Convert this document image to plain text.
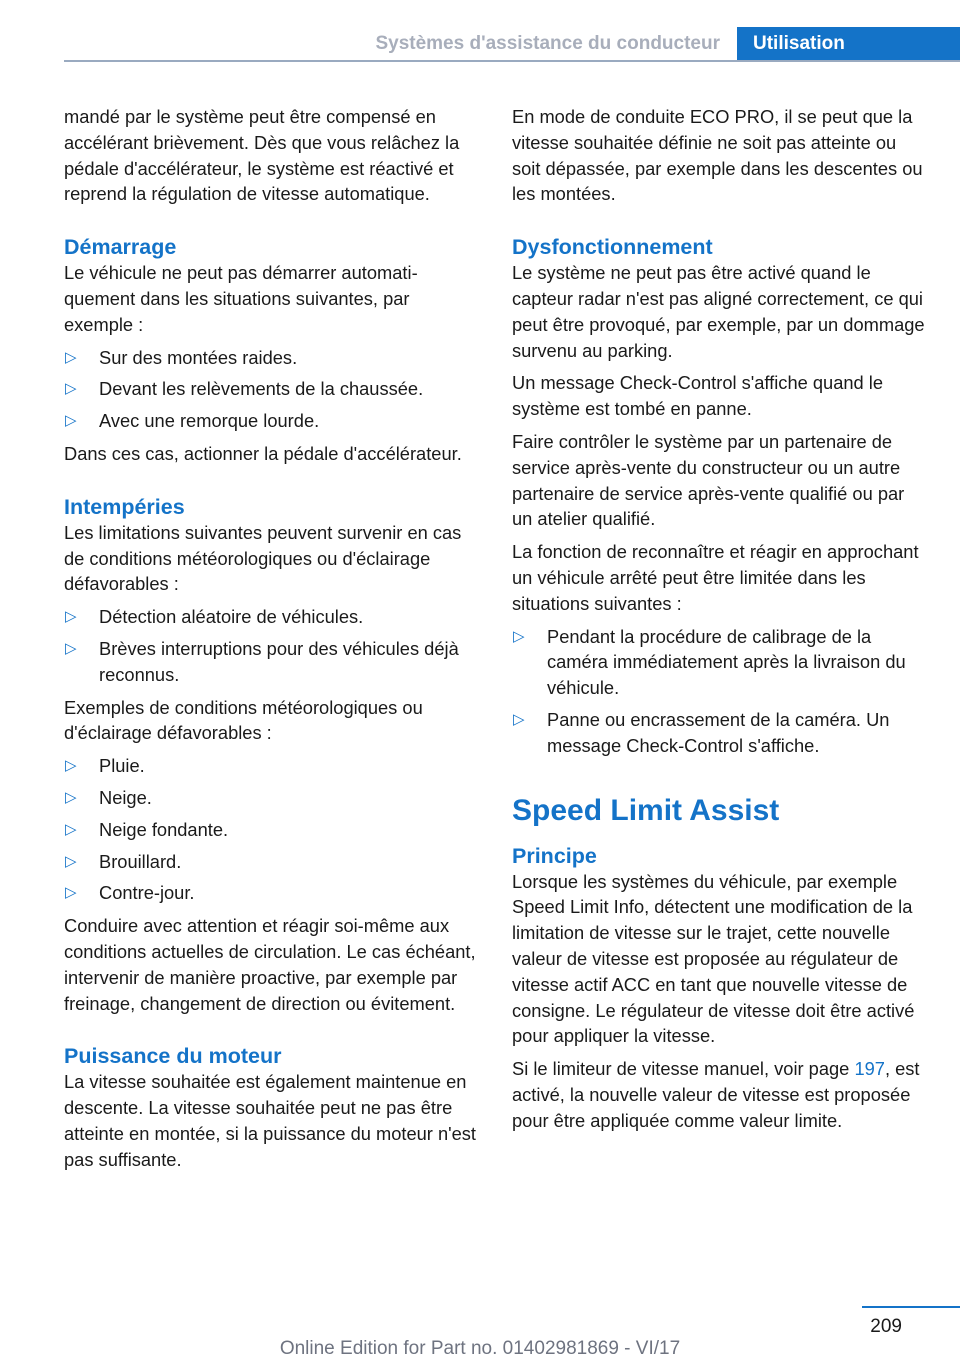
Systèmes d'assistance du conducteur	Utilisation

mandé par le système peut être compensé en accélérant brièvement. Dès que vous relâchez la pédale d'accélérateur, le système est réactivé et reprend la régulation de vitesse automatique.

Démarrage

Le véhicule ne peut pas démarrer automatiquement dans les situations suivantes, par exemple :

▷ Sur des montées raides.
▷ Devant les relèvements de la chaussée.
▷ Avec une remorque lourde.

Dans ces cas, actionner la pédale d'accélérateur.

Intempéries

Les limitations suivantes peuvent survenir en cas de conditions météorologiques ou d'éclairage défavorables :

▷ Détection aléatoire de véhicules.
▷ Brèves interruptions pour des véhicules déjà reconnus.

Exemples de conditions météorologiques ou d'éclairage défavorables :

▷ Pluie.
▷ Neige.
▷ Neige fondante.
▷ Brouillard.
▷ Contre-jour.

Conduire avec attention et réagir soi-même aux conditions actuelles de circulation. Le cas échéant, intervenir de manière proactive, par exemple par freinage, changement de direction ou évitement.

Puissance du moteur

La vitesse souhaitée est également maintenue en descente. La vitesse souhaitée peut ne pas être atteinte en montée, si la puissance du moteur n'est pas suffisante.

En mode de conduite ECO PRO, il se peut que la vitesse souhaitée définie ne soit pas atteinte ou soit dépassée, par exemple dans les descentes ou les montées.

Dysfonctionnement

Le système ne peut pas être activé quand le capteur radar n'est pas aligné correctement, ce qui peut être provoqué, par exemple, par un dommage survenu au parking.

Un message Check-Control s'affiche quand le système est tombé en panne.

Faire contrôler le système par un partenaire de service après-vente du constructeur ou un autre partenaire de service après-vente qualifié ou par un atelier qualifié.

La fonction de reconnaître et réagir en approchant un véhicule arrêté peut être limitée dans les situations suivantes :

▷ Pendant la procédure de calibrage de la caméra immédiatement après la livraison du véhicule.
▷ Panne ou encrassement de la caméra. Un message Check-Control s'affiche.
Speed Limit Assist
Principe

Lorsque les systèmes du véhicule, par exemple Speed Limit Info, détectent une modification de la limitation de vitesse sur le trajet, cette nouvelle valeur de vitesse est proposée au régulateur de vitesse actif ACC en tant que nouvelle vitesse de consigne. Le régulateur de vitesse doit être activé pour appliquer la vitesse.

Si le limiteur de vitesse manuel, voir page 197, est activé, la nouvelle valeur de vitesse est proposée pour être appliquée comme valeur limite.

209
Online Edition for Part no. 01402981869 - VI/17
